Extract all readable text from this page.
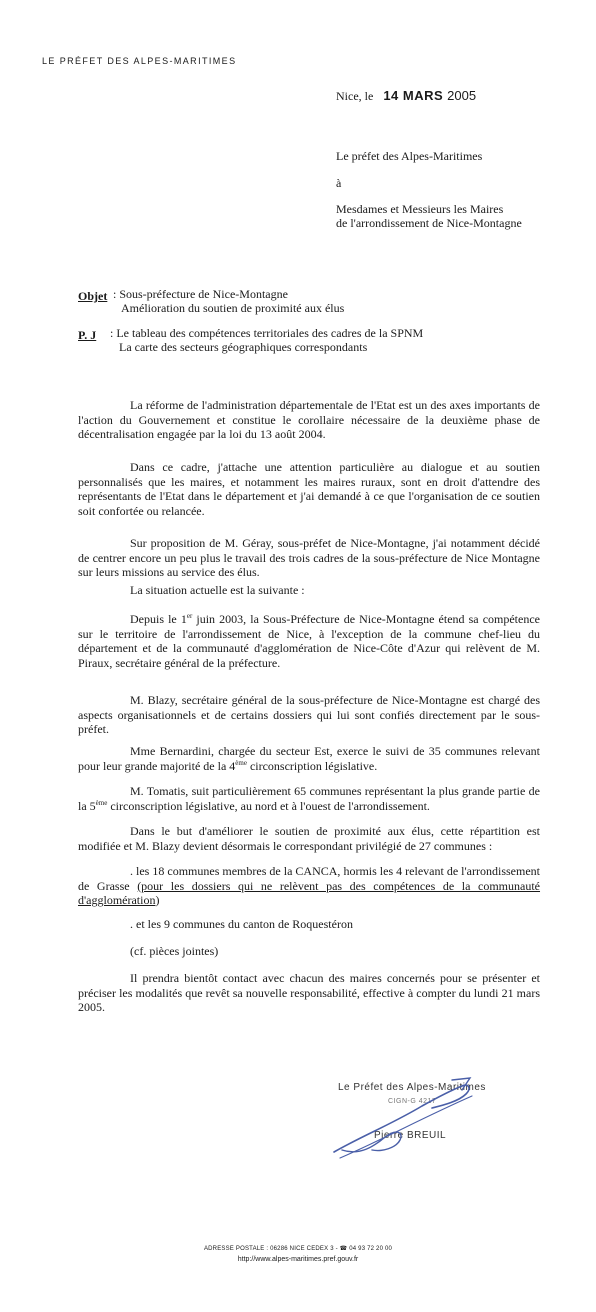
LE PRÉFET DES ALPES-MARITIMES
Nice, le 14 MARS 2005
Le préfet des Alpes-Maritimes
à
Mesdames et Messieurs les Maires
de l'arrondissement de Nice-Montagne
Objet : Sous-préfecture de Nice-Montagne
Amélioration du soutien de proximité aux élus
P. J : Le tableau des compétences territoriales des cadres de la SPNM
La carte des secteurs géographiques correspondants
La réforme de l'administration départementale de l'Etat est un des axes importants de l'action du Gouvernement et constitue le corollaire nécessaire de la deuxième phase de décentralisation engagée par la loi du 13 août 2004.
Dans ce cadre, j'attache une attention particulière au dialogue et au soutien personnalisés que les maires, et notamment les maires ruraux, sont en droit d'attendre des représentants de l'Etat dans le département et j'ai demandé à ce que l'organisation de ce soutien soit confortée ou relancée.
Sur proposition de M. Géray, sous-préfet de Nice-Montagne, j'ai notamment décidé de centrer encore un peu plus le travail des trois cadres de la sous-préfecture de Nice Montagne sur leurs missions au service des élus.
La situation actuelle est la suivante :
Depuis le 1er juin 2003, la Sous-Préfecture de Nice-Montagne étend sa compétence sur le territoire de l'arrondissement de Nice, à l'exception de la commune chef-lieu du département et de la communauté d'agglomération de Nice-Côte d'Azur qui relèvent de M. Piraux, secrétaire général de la préfecture.
M. Blazy, secrétaire général de la sous-préfecture de Nice-Montagne est chargé des aspects organisationnels et de certains dossiers qui lui sont confiés directement par le sous-préfet.
Mme Bernardini, chargée du secteur Est, exerce le suivi de 35 communes relevant pour leur grande majorité de la 4ème circonscription législative.
M. Tomatis, suit particulièrement 65 communes représentant la plus grande partie de la 5ème circonscription législative, au nord et à l'ouest de l'arrondissement.
Dans le but d'améliorer le soutien de proximité aux élus, cette répartition est modifiée et M. Blazy devient désormais le correspondant privilégié de 27 communes :
. les 18 communes membres de la CANCA, hormis les 4 relevant de l'arrondissement de Grasse (pour les dossiers qui ne relèvent pas des compétences de la communauté d'agglomération)
. et les 9 communes du canton de Roquestéron
(cf. pièces jointes)
Il prendra bientôt contact avec chacun des maires concernés pour se présenter et préciser les modalités que revêt sa nouvelle responsabilité, effective à compter du lundi 21 mars 2005.
Le Préfet des Alpes-Maritimes
CIGN-G 4217
Pierre BREUIL
ADRESSE POSTALE : 06286 NICE CEDEX 3 - ☎ 04 93 72 20 00
http://www.alpes-maritimes.pref.gouv.fr
